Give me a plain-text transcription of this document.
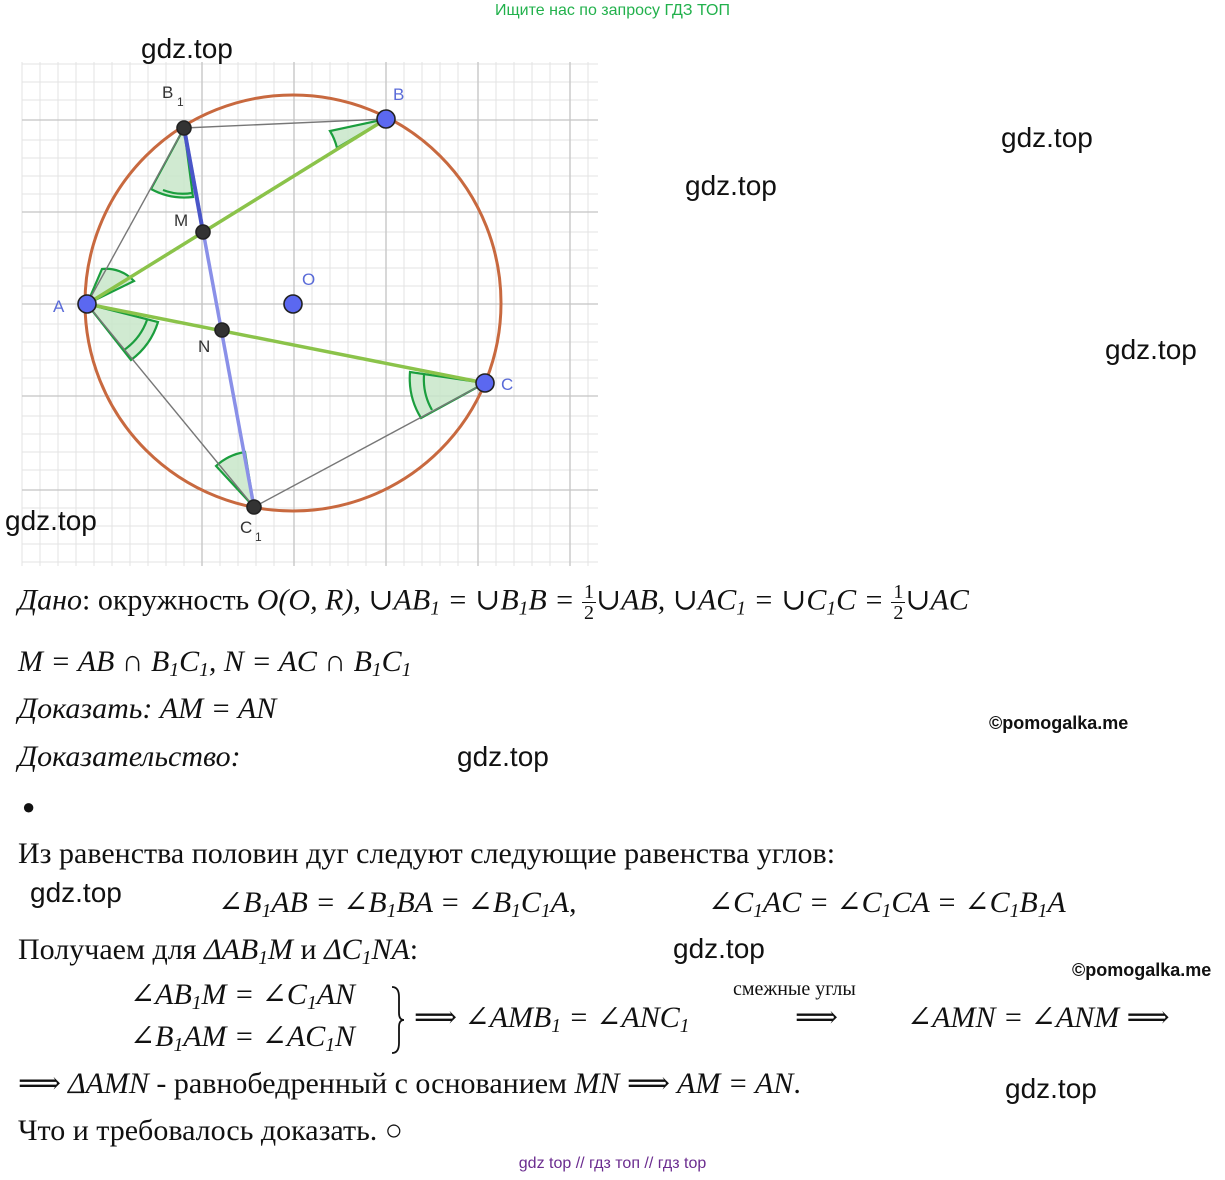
Ищите нас по запросу ГДЗ ТОП
A
B
C
O
B 1
C 1
M
N
gdz.top
gdz.top
gdz.top
gdz.top
gdz.top
gdz.top
gdz.top
gdz.top
gdz.top
©pomogalka.me
©pomogalka.me
Дано: окружность O(O, R), $\cup AB_1$ = $\cup B_1B = \frac{1}{2}$ ∪AB, $\cup AC_1$ = $\cup C_1C = \frac{1}{2}$ ∪AC
M = AB ∩ $B_1C_1$, N = AC ∩ $B_1C_1$
Доказать: AM = AN
Доказательство:
●
Из равенства половин дуг следуют следующие равенства углов:
$\angle B_1AB$ = $\angle B_1BA$ = $\angle B_1C_1A$,	$\angle C_1AC$ = $\angle C_1CA$ = $\angle C_1B_1A$
Получаем для $\Delta AB_1M$ и $\Delta C_1NA$:
$\angle AB_1M$ = $\angle C_1AN$
$\angle B_1AM$ = $\angle AC_1N$
⟹ $\angle AMB_1$ = $\angle ANC_1$
смежные углы
⟹ ∠AMN = ∠ANM ⟹
⟹ ΔAMN - равнобедренный с основанием MN ⟹ AM = AN.
Что и требовалось доказать. ○
gdz top // гдз топ // гдз top
